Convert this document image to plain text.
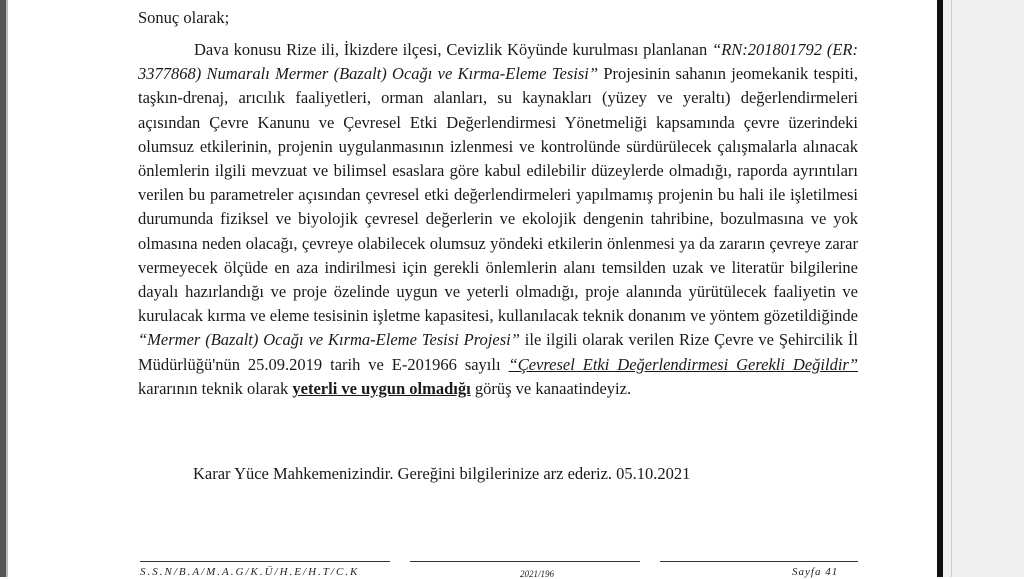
Sonuç olarak;
Dava konusu Rize ili, İkizdere ilçesi, Cevizlik Köyünde kurulması planlanan “RN:201801792 (ER: 3377868) Numaralı Mermer (Bazalt) Ocağı ve Kırma-Eleme Tesisi” Projesinin sahanın jeomekanik tespiti, taşkın-drenaj, arıcılık faaliyetleri, orman alanları, su kaynakları (yüzey ve yeraltı) değerlendirmeleri açısından Çevre Kanunu ve Çevresel Etki Değerlendirmesi Yönetmeliği kapsamında çevre üzerindeki olumsuz etkilerinin, projenin uygulanmasının izlenmesi ve kontrolünde sürdürülecek çalışmalarla alınacak önlemlerin ilgili mevzuat ve bilimsel esaslara göre kabul edilebilir düzeylerde olmadığı, raporda ayrıntıları verilen bu parametreler açısından çevresel etki değerlendirmeleri yapılmamış projenin bu hali ile işletilmesi durumunda fiziksel ve biyolojik çevresel değerlerin ve ekolojik dengenin tahribine, bozulmasına ve yok olmasına neden olacağı, çevreye olabilecek olumsuz yöndeki etkilerin önlenmesi ya da zararın çevreye zarar vermeyecek ölçüde en aza indirilmesi için gerekli önlemlerin alanı temsilden uzak ve literatür bilgilerine dayalı hazırlandığı ve proje özelinde uygun ve yeterli olmadığı, proje alanında yürütülecek faaliyetin ve kurulacak kırma ve eleme tesisinin işletme kapasitesi, kullanılacak teknik donanım ve yöntem gözetildiğinde “Mermer (Bazalt) Ocağı ve Kırma-Eleme Tesisi Projesi” ile ilgili olarak verilen Rize Çevre ve Şehircilik İl Müdürlüğü'nün 25.09.2019 tarih ve E-201966 sayılı “Çevresel Etki Değerlendirmesi Gerekli Değildir” kararının teknik olarak yeterli ve uygun olmadığı görüş ve kanaatindeyiz.
Karar Yüce Mahkemenizindir. Gereğini bilgilerinize arz ederiz. 05.10.2021
S.S.N/B.A/M.A.G/K.Ü/H.E/H.T/C.K	2021/196	Sayfa 41
